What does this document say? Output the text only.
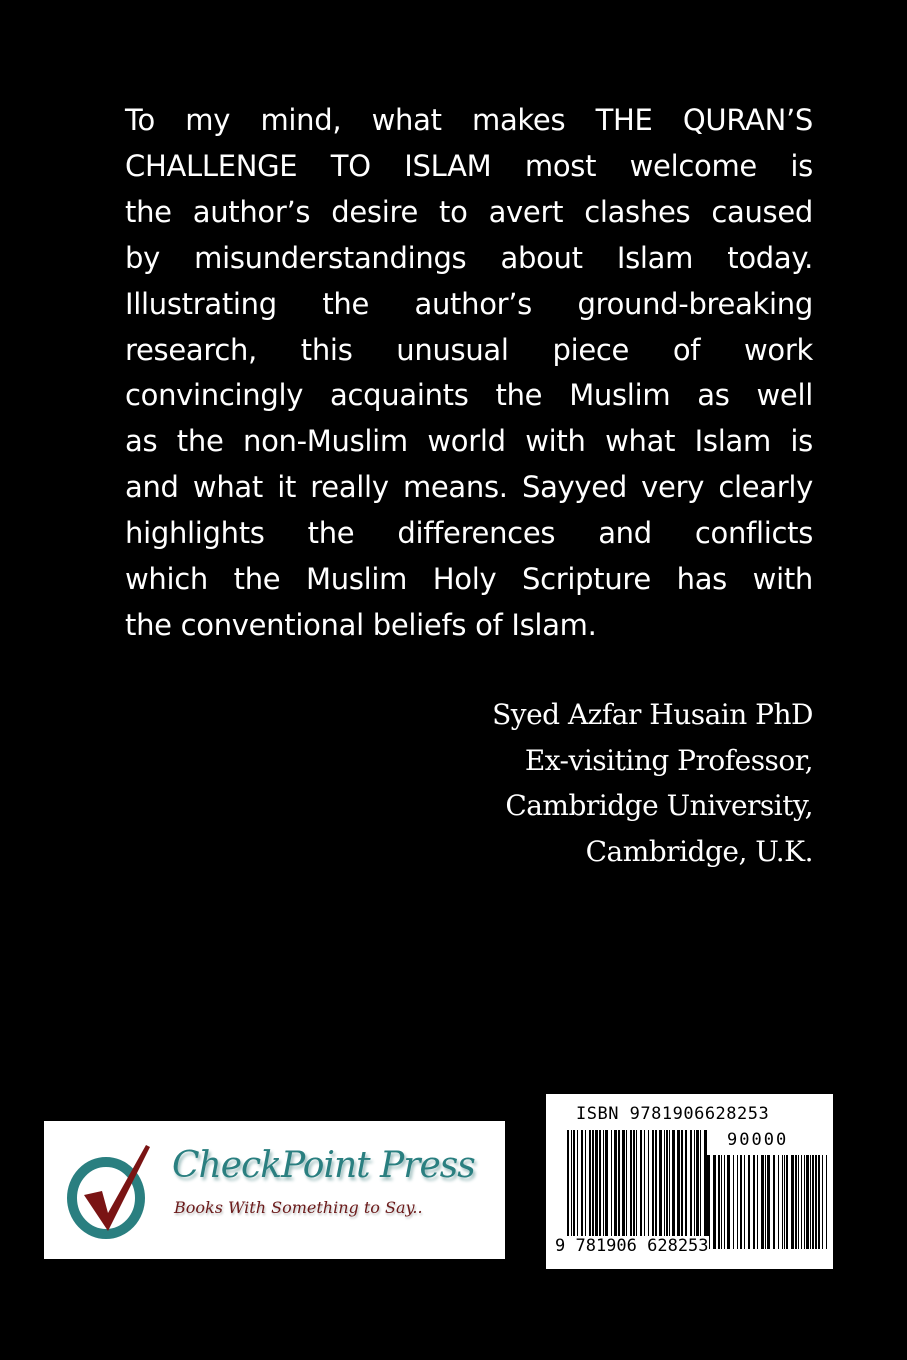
To my mind, what makes THE QURAN’S
CHALLENGE TO ISLAM most welcome is
the author’s desire to avert clashes caused
by misunderstandings about Islam today.
Illustrating the author’s ground-breaking
research, this unusual piece of work
convincingly acquaints the Muslim as well
as the non-Muslim world with what Islam is
and what it really means. Sayyed very clearly
highlights the differences and conflicts
which the Muslim Holy Scripture has with
the conventional beliefs of Islam.
Syed Azfar Husain PhD
Ex-visiting Professor,
Cambridge University,
Cambridge, U.K.
CheckPoint Press
Books With Something to Say..
ISBN 9781906628253
90000
9 781906 628253
